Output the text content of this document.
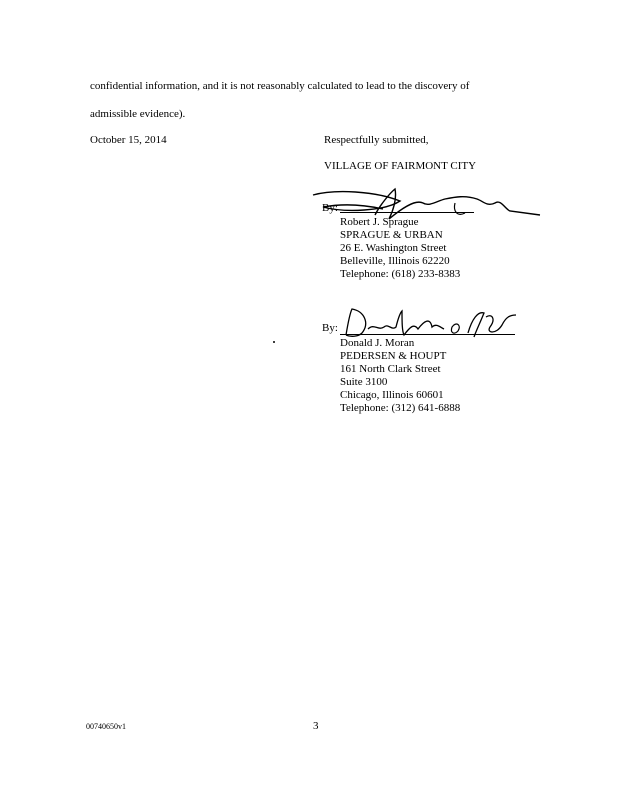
confidential information, and it is not reasonably calculated to lead to the discovery of
admissible evidence).
October 15, 2014	Respectfully submitted,
VILLAGE OF FAIRMONT CITY
By:
Robert J. Sprague
SPRAGUE & URBAN
26 E. Washington Street
Belleville, Illinois 62220
Telephone: (618) 233-8383
By:
Donald J. Moran
PEDERSEN & HOUPT
161 North Clark Street
Suite 3100
Chicago, Illinois 60601
Telephone: (312) 641-6888
00740650v1	3
